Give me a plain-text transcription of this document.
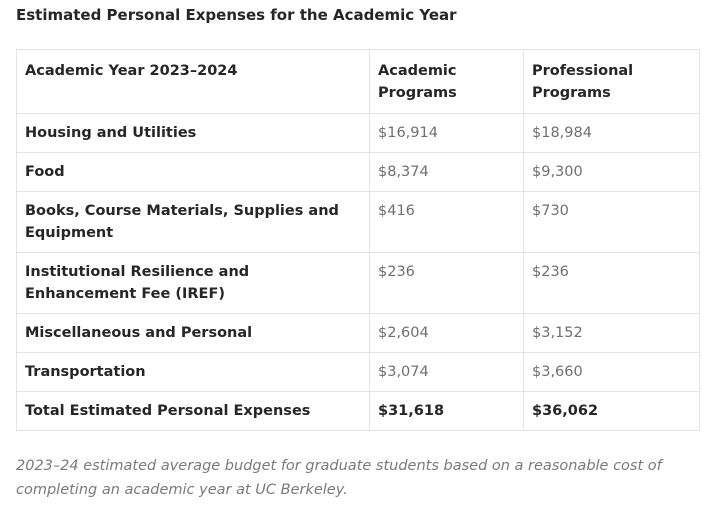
Estimated Personal Expenses for the Academic Year
Academic Year 2023–2024	Academic Programs	Professional Programs
Housing and Utilities	$16,914	$18,984
Food	$8,374	$9,300
Books, Course Materials, Supplies and Equipment	$416	$730
Institutional Resilience and Enhancement Fee (IREF)	$236	$236
Miscellaneous and Personal	$2,604	$3,152
Transportation	$3,074	$3,660
Total Estimated Personal Expenses	$31,618	$36,062
2023–24 estimated average budget for graduate students based on a reasonable cost of completing an academic year at UC Berkeley.
